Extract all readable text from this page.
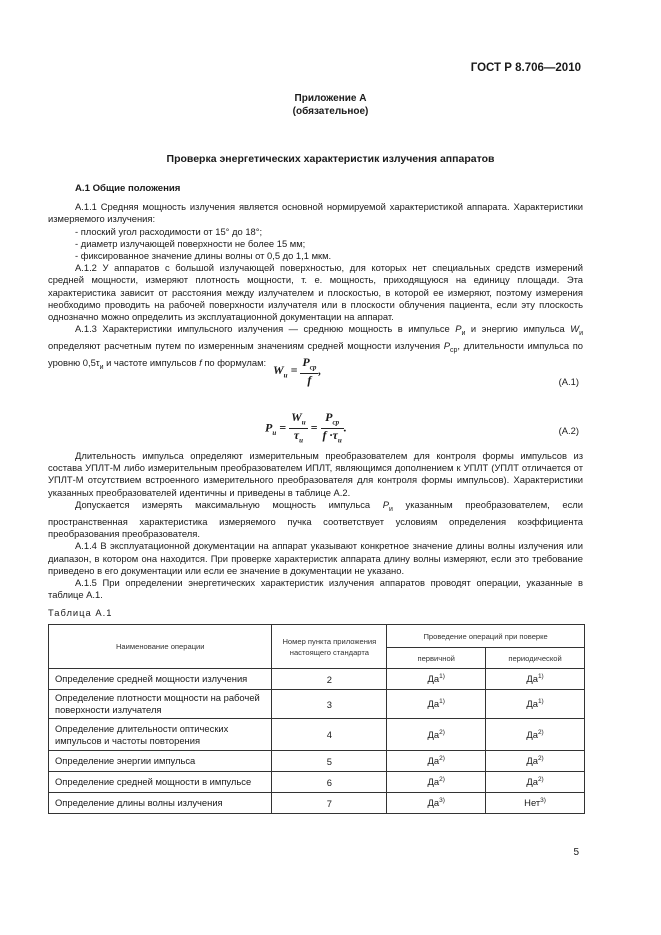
ГОСТ Р 8.706—2010
Приложение А
(обязательное)
Проверка энергетических характеристик излучения аппаратов

А.1 Общие положения

А.1.1 Средняя мощность излучения является основной нормируемой характеристикой аппарата. Характеристики измеряемого излучения:

- плоский угол расходимости от 15° до 18°;

- диаметр излучающей поверхности не более 15 мм;

- фиксированное значение длины волны от 0,5 до 1,1 мкм.

А.1.2 У аппаратов с большой излучающей поверхностью, для которых нет специальных средств измерений средней мощности, измеряют плотность мощности, т. е. мощность, приходящуюся на единицу площади. Эта характеристика зависит от расстояния между излучателем и плоскостью, в которой ее измеряют, поэтому измерения необходимо проводить на рабочей поверхности излучателя или в плоскости облучения пациента, если эту плоскость однозначно можно определить из эксплуатационной документации на аппарат.

А.1.3 Характеристики импульсного излучения — среднюю мощность в импульсе $P_и$ и энергию импульса $W_и$ определяют расчетным путем по измеренным значениям средней мощности излучения $P_{ср}$, длительности импульса по уровню $0,5\tau_и$ и частоте импульсов f по формулам:

$W_и = \frac{P_{ср}}{f}$ ,
(А.1)
$P_и = \frac{W_и}{\tau_и} = \frac{P_{ср}}{f \cdot\tau_и}$ .	(А.2)

Длительность импульса определяют измерительным преобразователем для контроля формы импульсов из состава УПЛТ-М либо измерительным преобразователем ИПЛТ, являющимся дополнением к УПЛТ (УПЛТ отличается от УПЛТ-М отсутствием встроенного измерительного преобразователя для контроля формы импульсов). Характеристики указанных преобразователей идентичны и приведены в таблице А.2.

Допускается измерять максимальную мощность импульса $P_и$ указанным преобразователем, если пространственная характеристика измеряемого пучка соответствует условиям определения коэффициента преобразования преобразователя.

А.1.4 В эксплуатационной документации на аппарат указывают конкретное значение длины волны излучения или диапазон, в котором она находится. При проверке характеристик аппарата длину волны измеряют, если это требование приведено в его документации или если ее значение в документации не указано.

А.1.5 При определении энергетических характеристик излучения аппаратов проводят операции, указанные в таблице А.1.

Таблица А.1
Наименование операции	Номер пункта приложения настоящего стандарта	Проведение операций при поверке	
		первичной	периодической
Определение средней мощности излучения	2	$Да^{1)}$	$Да^{1)}$
Определение плотности мощности на рабочей поверхности излучателя	3	$Да^{1)}$	$Да^{1)}$
Определение длительности оптических импульсов и частоты повторения	4	$Да^{2)}$	$Да^{2)}$
Определение энергии импульса	5	$Да^{2)}$	$Да^{2)}$
Определение средней мощности в импульсе	6	$Да^{2)}$	$Да^{2)}$
Определение длины волны излучения	7	$Да^{3)}$	Нет$^{3)}$
5
